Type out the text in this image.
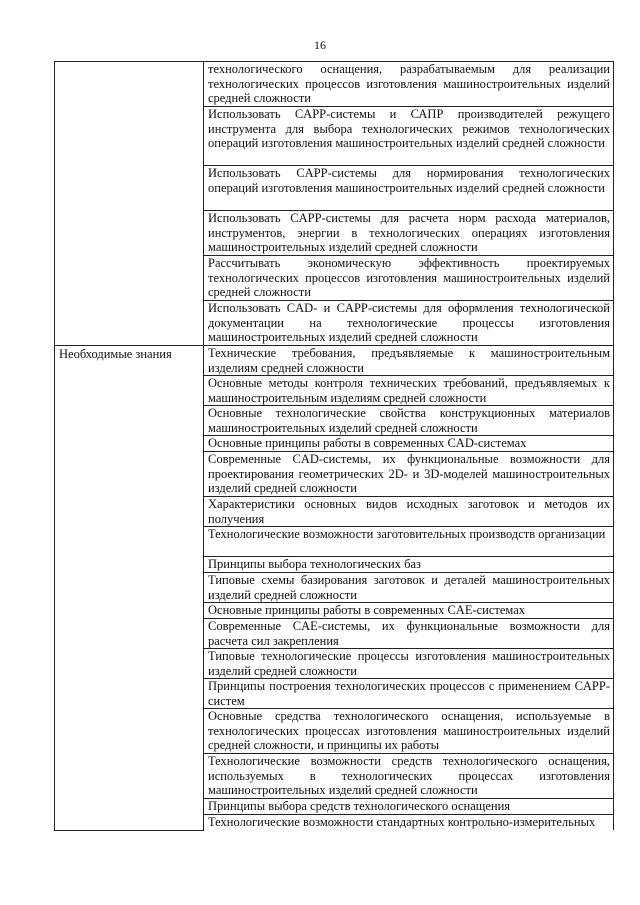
16
	технологического оснащения, разрабатываемым для реализации технологических процессов изготовления машиностроительных изделий средней сложности
	Использовать CAPP-системы и САПР производителей режущего инструмента для выбора технологических режимов технологических операций изготовления машиностроительных изделий средней сложности
	Использовать CAPP-системы для нормирования технологических операций изготовления машиностроительных изделий средней сложности
	Использовать CAPP-системы для расчета норм расхода материалов, инструментов, энергии в технологических операциях изготовления машиностроительных изделий средней сложности
	Рассчитывать экономическую эффективность проектируемых технологических процессов изготовления машиностроительных изделий средней сложности
	Использовать CAD- и CAPP-системы для оформления технологической документации на технологические процессы изготовления машиностроительных изделий средней сложности
Необходимые знания	Технические требования, предъявляемые к машиностроительным изделиям средней сложности
	Основные методы контроля технических требований, предъявляемых к машиностроительным изделиям средней сложности
	Основные технологические свойства конструкционных материалов машиностроительных изделий средней сложности
	Основные принципы работы в современных CAD-системах
	Современные CAD-системы, их функциональные возможности для проектирования геометрических 2D- и 3D-моделей машиностроительных изделий средней сложности
	Характеристики основных видов исходных заготовок и методов их получения
	Технологические возможности заготовительных производств организации
	Принципы выбора технологических баз
	Типовые схемы базирования заготовок и деталей машиностроительных изделий средней сложности
	Основные принципы работы в современных CAE-системах
	Современные CAE-системы, их функциональные возможности для расчета сил закрепления
	Типовые технологические процессы изготовления машиностроительных изделий средней сложности
	Принципы построения технологических процессов с применением CAPP-систем
	Основные средства технологического оснащения, используемые в технологических процессах изготовления машиностроительных изделий средней сложности, и принципы их работы
	Технологические возможности средств технологического оснащения, используемых в технологических процессах изготовления машиностроительных изделий средней сложности
	Принципы выбора средств технологического оснащения
	Технологические возможности стандартных контрольно-измерительных
